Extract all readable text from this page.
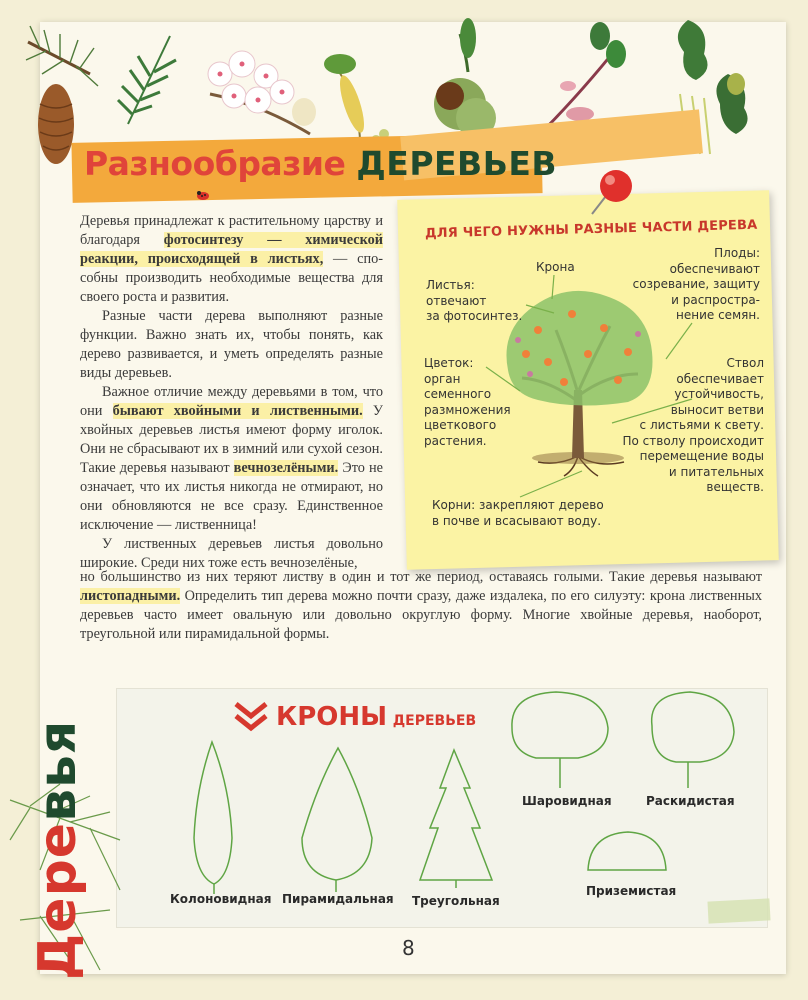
Разнообразие ДЕРЕВЬЕВ

Деревья принадлежат к растительному царству и благодаря фотосинтезу — химической реакции, происходящей в листьях, — способны производить необходимые вещества для своего роста и развития.

Разные части дерева выполняют разные функции. Важно знать их, чтобы понять, как дерево развивается, и уметь определять разные виды деревьев.

Важное отличие между деревьями в том, что они бывают хвойными и лиственными. У хвойных деревьев листья имеют форму иголок. Они не сбрасывают их в зимний или сухой сезон. Такие деревья называют вечнозелёными. Это не означает, что их листья никогда не отмирают, но они обновляются не все сразу. Единственное исключение — лиственница!

У лиственных деревьев листья довольно широкие. Среди них тоже есть вечнозелёные,

но большинство из них теряют листву в один и тот же период, оставаясь голыми. Такие деревья называют листопадными. Определить тип дерева можно почти сразу, даже издалека, по его силуэту: крона лиственных деревьев часто имеет овальную или довольно округлую форму. Многие хвойные деревья, наоборот, треугольной или пирамидальной формы.
ДЛЯ ЧЕГО НУЖНЫ РАЗНЫЕ ЧАСТИ ДЕРЕВА
Крона
Плоды:
обеспечивают
созревание, защиту
и распростра-
нение семян.
Листья:
отвечают
за фотосинтез.
Цветок:
орган
семенного
размножения
цветкового
растения.
Ствол
обеспечивает
устойчивость,
выносит ветви
с листьями к свету.
По стволу происходит
перемещение воды
и питательных
веществ.
Корни: закрепляют дерево
в почве и всасывают воду.
КРОНЫ ДЕРЕВЬЕВ
Колоновидная Пирамидальная Треугольная
Шаровидная	Раскидистая
Приземистая
Деревья
8
